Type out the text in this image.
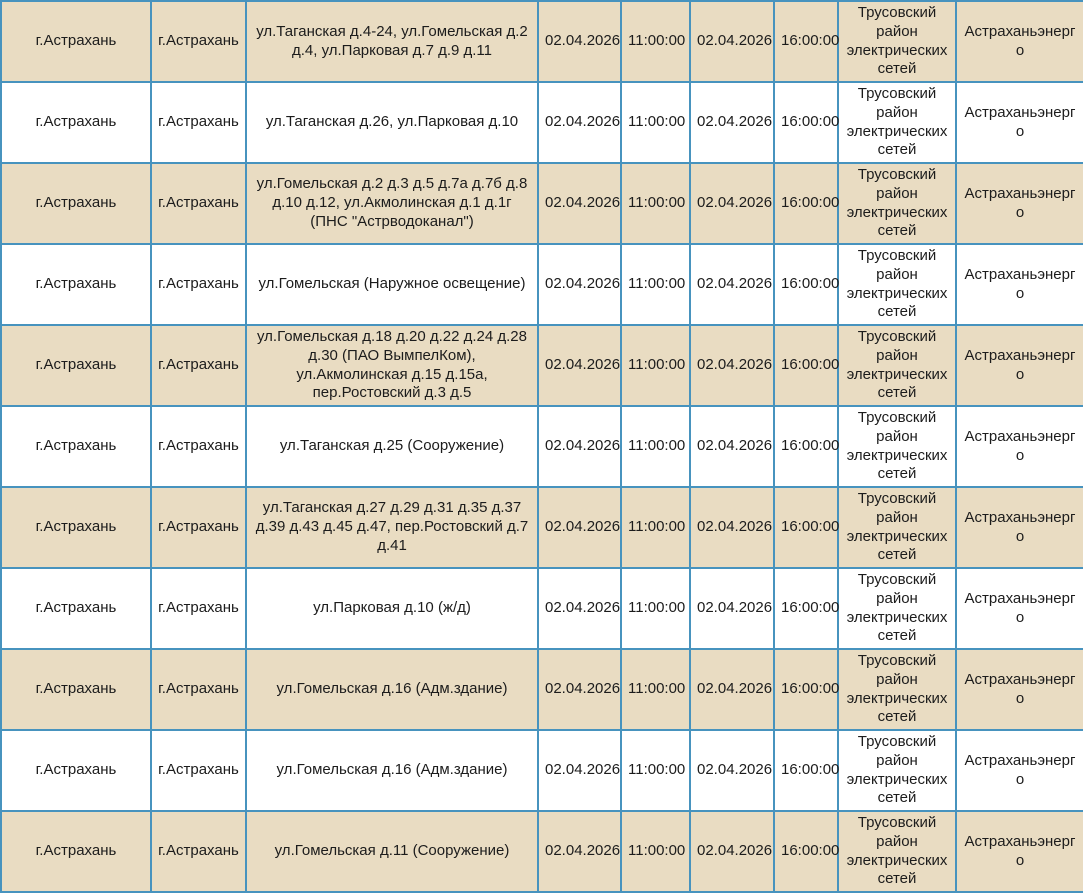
г.Астрахань	г.Астрахань	ул.Таганская д.4-24, ул.Гомельская д.2 д.4, ул.Парковая д.7 д.9 д.11	02.04.2026	11:00:00	02.04.2026	16:00:00	Трусовский район электрических сетей	Астраханьэнерго
г.Астрахань	г.Астрахань	ул.Таганская д.26, ул.Парковая д.10	02.04.2026	11:00:00	02.04.2026	16:00:00	Трусовский район электрических сетей	Астраханьэнерго
г.Астрахань	г.Астрахань	ул.Гомельская д.2 д.3 д.5 д.7а д.7б д.8 д.10 д.12, ул.Акмолинская д.1 д.1г (ПНС "Астрводоканал")	02.04.2026	11:00:00	02.04.2026	16:00:00	Трусовский район электрических сетей	Астраханьэнерго
г.Астрахань	г.Астрахань	ул.Гомельская (Наружное освещение)	02.04.2026	11:00:00	02.04.2026	16:00:00	Трусовский район электрических сетей	Астраханьэнерго
г.Астрахань	г.Астрахань	ул.Гомельская д.18 д.20 д.22 д.24 д.28 д.30 (ПАО ВымпелКом), ул.Акмолинская д.15 д.15а, пер.Ростовский д.3 д.5	02.04.2026	11:00:00	02.04.2026	16:00:00	Трусовский район электрических сетей	Астраханьэнерго
г.Астрахань	г.Астрахань	ул.Таганская д.25 (Сооружение)	02.04.2026	11:00:00	02.04.2026	16:00:00	Трусовский район электрических сетей	Астраханьэнерго
г.Астрахань	г.Астрахань	ул.Таганская д.27 д.29 д.31 д.35 д.37 д.39 д.43 д.45 д.47, пер.Ростовский д.7 д.41	02.04.2026	11:00:00	02.04.2026	16:00:00	Трусовский район электрических сетей	Астраханьэнерго
г.Астрахань	г.Астрахань	ул.Парковая д.10 (ж/д)	02.04.2026	11:00:00	02.04.2026	16:00:00	Трусовский район электрических сетей	Астраханьэнерго
г.Астрахань	г.Астрахань	ул.Гомельская д.16 (Адм.здание)	02.04.2026	11:00:00	02.04.2026	16:00:00	Трусовский район электрических сетей	Астраханьэнерго
г.Астрахань	г.Астрахань	ул.Гомельская д.16 (Адм.здание)	02.04.2026	11:00:00	02.04.2026	16:00:00	Трусовский район электрических сетей	Астраханьэнерго
г.Астрахань	г.Астрахань	ул.Гомельская д.11 (Сооружение)	02.04.2026	11:00:00	02.04.2026	16:00:00	Трусовский район электрических сетей	Астраханьэнерго
